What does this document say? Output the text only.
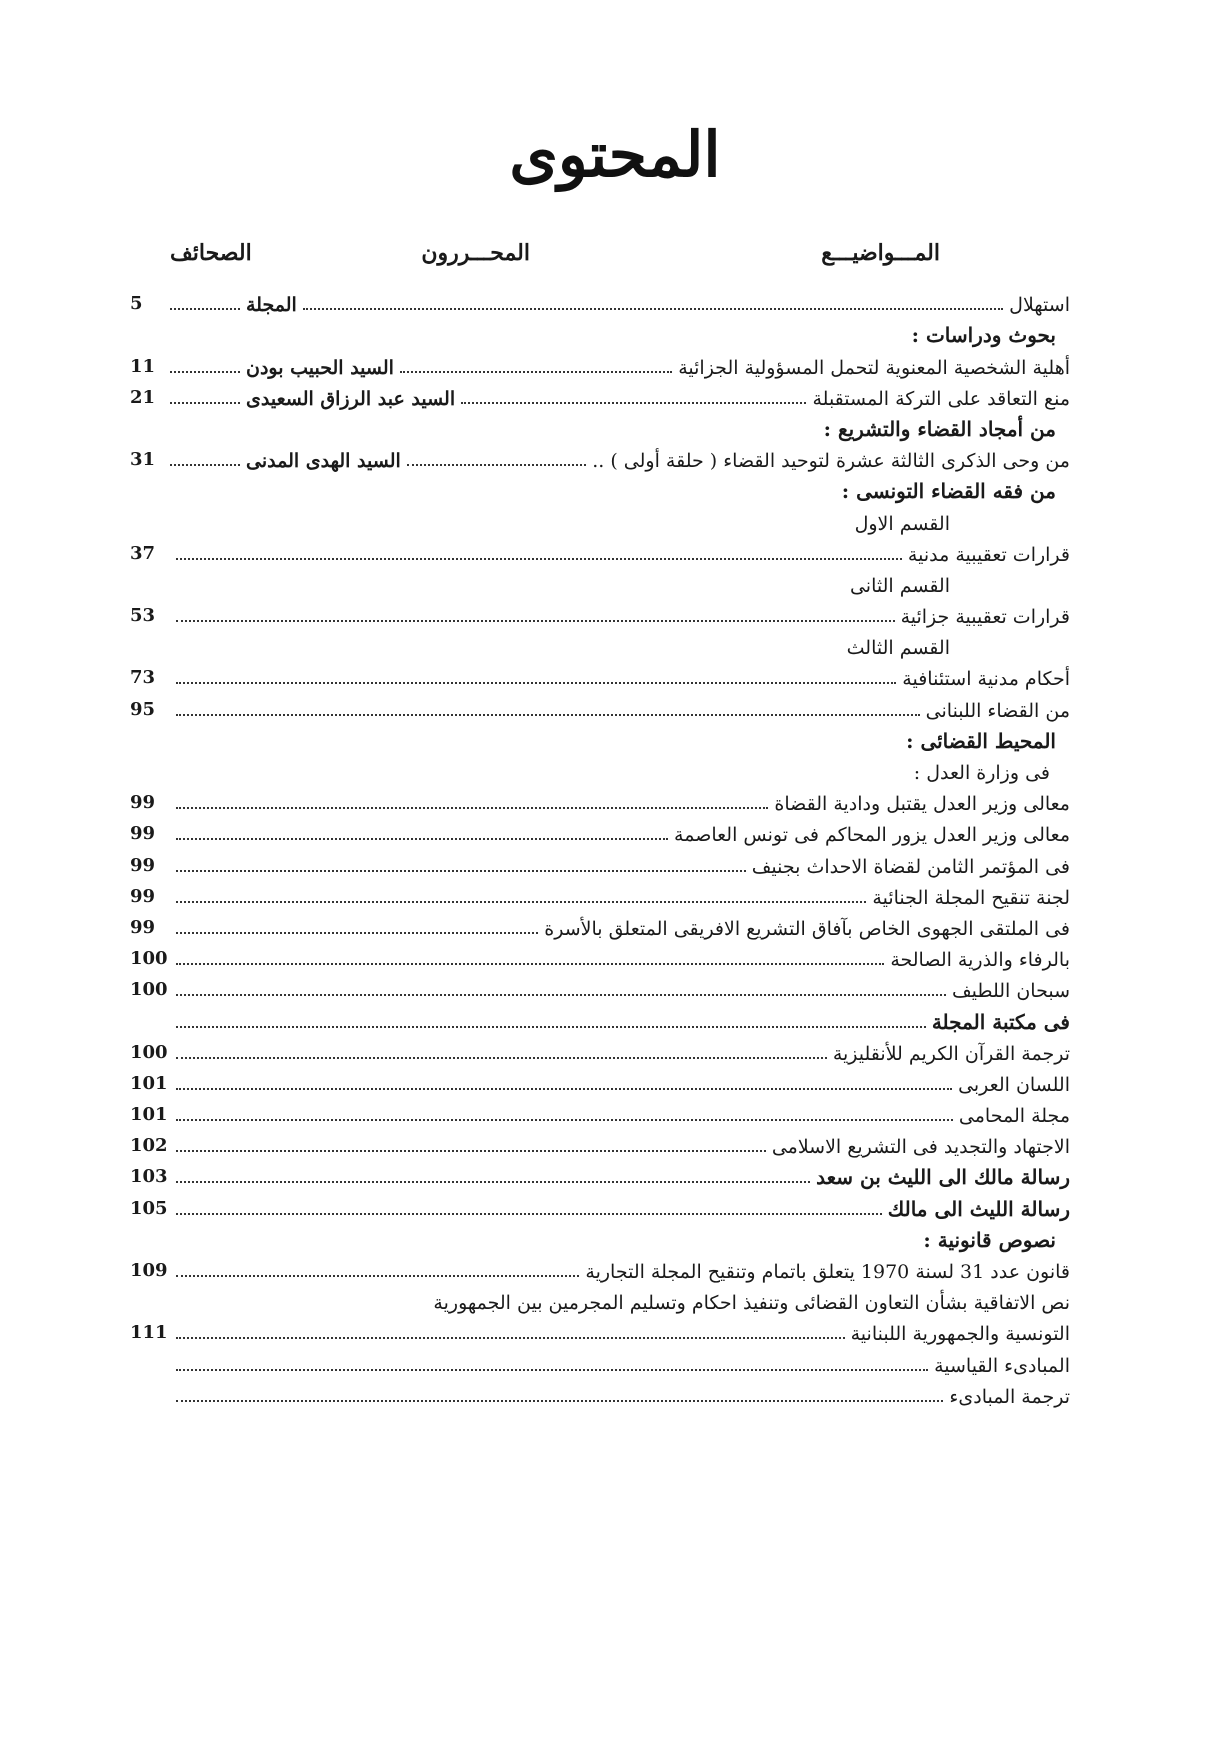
المحتوى
المـــواضيـــع
المحـــررون
الصحائف
استهلال
المجلة
5
بحوث ودراسات :
أهلية الشخصية المعنوية لتحمل المسؤولية الجزائية
السيد الحبيب بودن
11
منع التعاقد على التركة المستقبلة
السيد عبد الرزاق السعيدى
21
من أمجاد القضاء والتشريع :
من وحى الذكرى الثالثة عشرة لتوحيد القضاء ( حلقة أولى ) ..
السيد الهدى المدنى
31
من فقه القضاء التونسى :
القسم الاول
قرارات تعقيبية مدنية
37
القسم الثانى
قرارات تعقيبية جزائية
53
القسم الثالث
أحكام مدنية استئنافية
73
من القضاء اللبنانى
95
المحيط القضائى :
فى وزارة العدل :
معالى وزير العدل يقتبل ودادية القضاة
99
معالى وزير العدل يزور المحاكم فى تونس العاصمة
99
فى المؤتمر الثامن لقضاة الاحداث بجنيف
99
لجنة تنقيح المجلة الجنائية
99
فى الملتقى الجهوى الخاص بآفاق التشريع الافريقى المتعلق بالأسرة
99
بالرفاء والذرية الصالحة
100
سبحان اللطيف
100
فى مكتبة المجلة
ترجمة القرآن الكريم للأنقليزية
100
اللسان العربى
101
مجلة المحامى
101
الاجتهاد والتجديد فى التشريع الاسلامى
102
رسالة مالك الى الليث بن سعد
103
رسالة الليث الى مالك
105
نصوص قانونية :
قانون عدد 31 لسنة 1970 يتعلق باتمام وتنقيح المجلة التجارية
109
نص الاتفاقية بشأن التعاون القضائى وتنفيذ احكام وتسليم المجرمين بين الجمهورية
التونسية والجمهورية اللبنانية
111
المبادىء القياسية
ترجمة المبادىء
